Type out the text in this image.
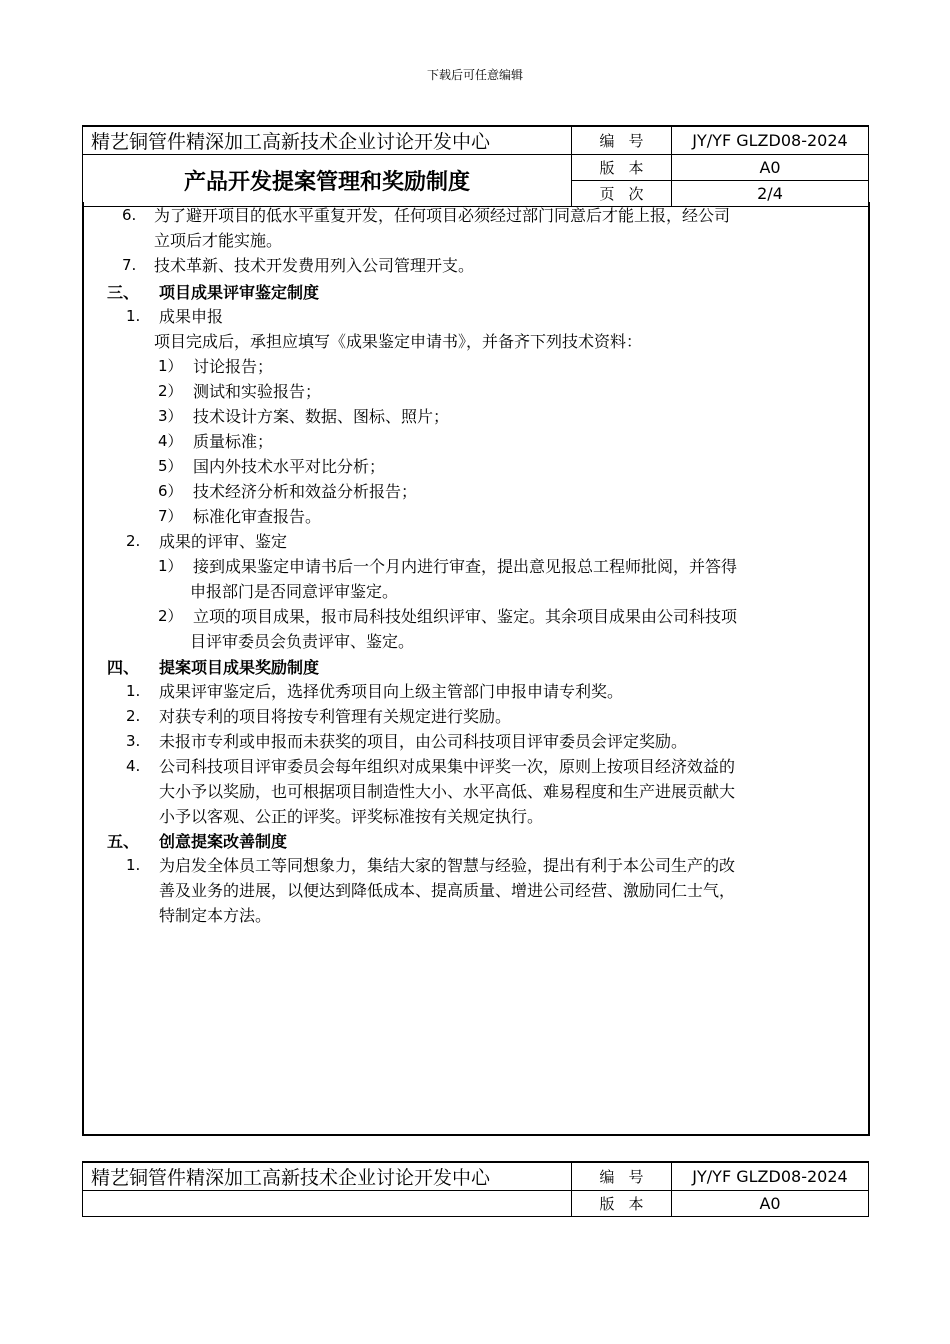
下载后可任意编辑
精艺铜管件精深加工高新技术企业讨论开发中心	编号	JY/YF GLZD08-2024
产品开发提案管理和奖励制度	版本	A0
	页次	2/4
6. 为了避开项目的低水平重复开发，任何项目必须经过部门同意后才能上报，经公司
立项后才能实施。
7. 技术革新、技术开发费用列入公司管理开支。
三、 项目成果评审鉴定制度
1. 成果申报
项目完成后，承担应填写《成果鉴定申请书》，并备齐下列技术资料：
1） 讨论报告；
2） 测试和实验报告；
3） 技术设计方案、数据、图标、照片；
4） 质量标准；
5） 国内外技术水平对比分析；
6） 技术经济分析和效益分析报告；
7） 标准化审查报告。
2. 成果的评审、鉴定
1） 接到成果鉴定申请书后一个月内进行审查，提出意见报总工程师批阅，并答得
申报部门是否同意评审鉴定。
2） 立项的项目成果，报市局科技处组织评审、鉴定。其余项目成果由公司科技项
目评审委员会负责评审、鉴定。
四、 提案项目成果奖励制度
1. 成果评审鉴定后，选择优秀项目向上级主管部门申报申请专利奖。
2. 对获专利的项目将按专利管理有关规定进行奖励。
3. 未报市专利或申报而未获奖的项目，由公司科技项目评审委员会评定奖励。
4. 公司科技项目评审委员会每年组织对成果集中评奖一次，原则上按项目经济效益的
大小予以奖励，也可根据项目制造性大小、水平高低、难易程度和生产进展贡献大
小予以客观、公正的评奖。评奖标准按有关规定执行。
五、 创意提案改善制度
1. 为启发全体员工等同想象力，集结大家的智慧与经验，提出有利于本公司生产的改
善及业务的进展，以便达到降低成本、提高质量、增进公司经营、激励同仁士气，
特制定本方法。
精艺铜管件精深加工高新技术企业讨论开发中心	编号	JY/YF GLZD08-2024
	版本	A0
